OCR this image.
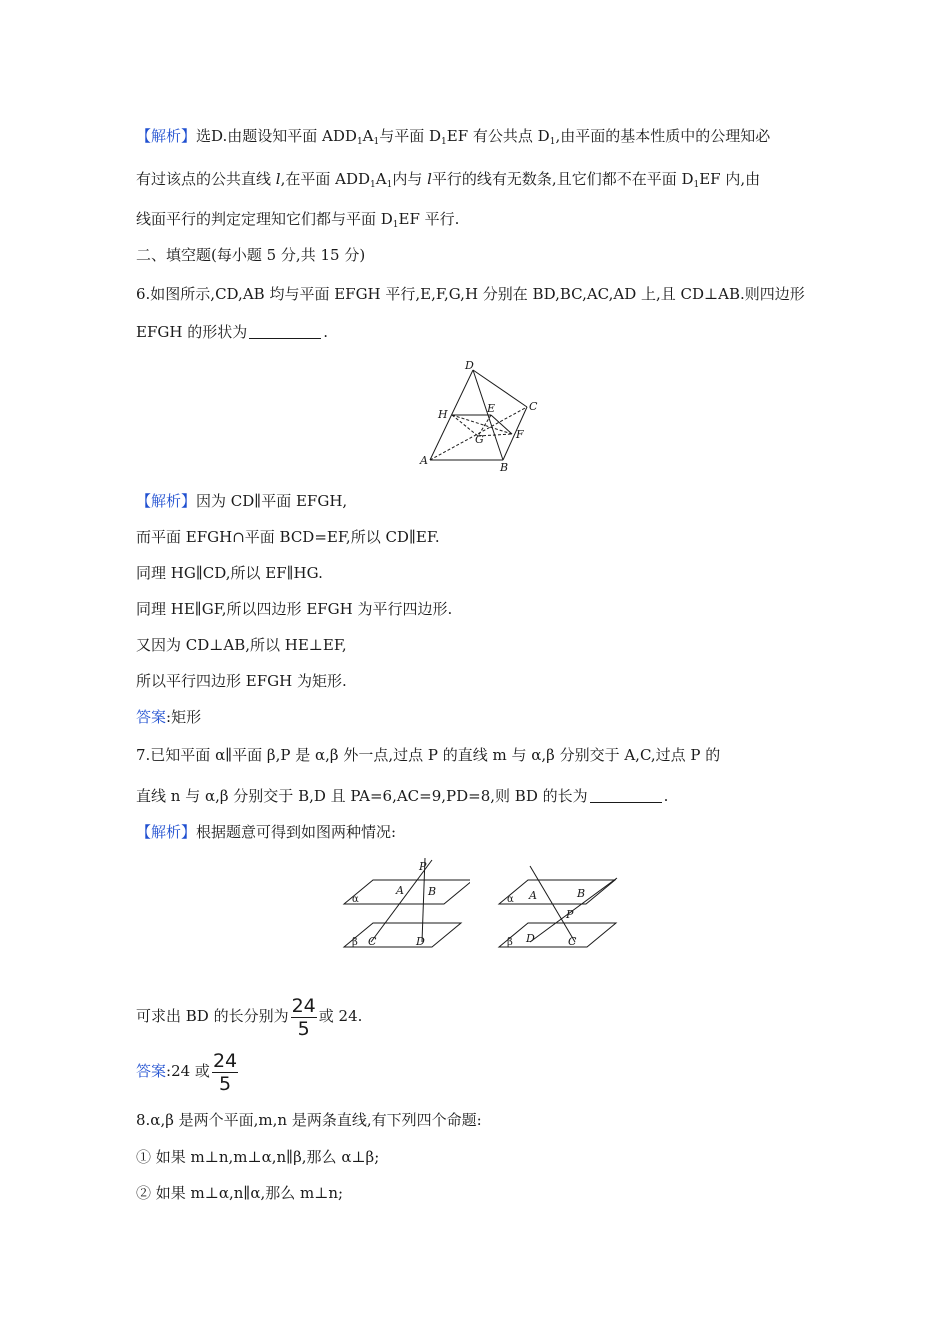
【解析】选D.由题设知平面 $ADD_1A_1$与平面 $D_1EF$ 有公共点 $D_1$,由平面的基本性质中的公理知必
有过该点的公共直线 l,在平面 $ADD_1A_1$内与 l平行的线有无数条,且它们都不在平面 $D_1EF$ 内,由
线面平行的判定定理知它们都与平面 $D_1EF$ 平行.
二、填空题(每小题 5 分,共 15 分)
6.如图所示,CD,AB 均与平面 EFGH 平行,E,F,G,H 分别在 BD,BC,AC,AD 上,且 CD⊥AB.则四边形
EFGH 的形状为	.
D
H	E	C
G	F
A
B
【解析】因为 CD∥平面 EFGH,
而平面 EFGH∩平面 BCD=EF,所以 CD∥EF.
同理 HG∥CD,所以 EF∥HG.
同理 HE∥GF,所以四边形 EFGH 为平行四边形.
又因为 CD⊥AB,所以 HE⊥EF,
所以平行四边形 EFGH 为矩形.
答案:矩形
7.已知平面 α∥平面 β,P 是 α,β 外一点,过点 P 的直线 m 与 α,β 分别交于 A,C,过点 P 的
直线 n 与 α,β 分别交于 B,D 且 PA=6,AC=9,PD=8,则 BD 的长为	.
【解析】根据题意可得到如图两种情况:
P
A B
α
β C	D
A	B
P
α
β D	C
可求出 BD 的长分别为 $\frac{24}{5}$ 或 24.
答案:24 或 $\frac{24}{5}$
8.α,β 是两个平面,m,n 是两条直线,有下列四个命题:
① 如果 m⊥n,m⊥α,n∥β,那么 α⊥β;
② 如果 m⊥α,n∥α,那么 m⊥n;
